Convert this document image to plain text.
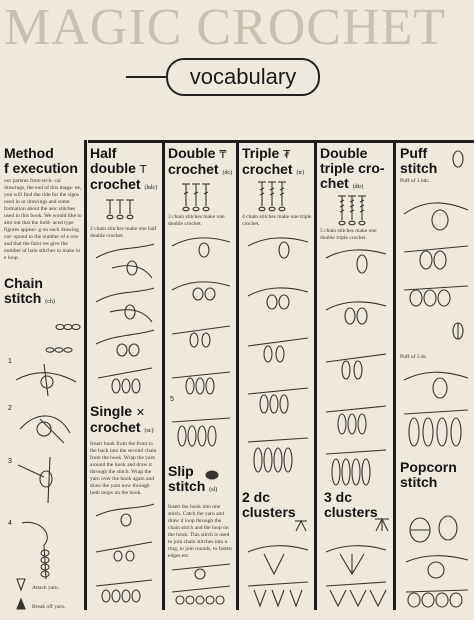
MAGIC CROCHET
vocabulary

Method
f execution

our parents from tech- cal drawings, the end of this maga- ne, you will find the ride for the signs used in ur drawings and some formation about the asic stitches used in this book. We would like to aint out that the bold- aced type figures appear- g on each drawing cor- spond to the number of e row and that the faint res give the number of hain stitches to make in e loop.

Chain stitch (ch)

1
2
3
4
Attach yarn.
Break off yarn.

Half
double T
crochet (hdc)

2 chain stitches make one half double crochet.

Single ✕
crochet (sc)

Insert hook from the front to the back into the second chain from the hook. Wrap the yarn around the hook and draw it through the stitch. Wrap the yarn over the hook again and draw the yarn now through both loops on the hook.

Double ₸
crochet (dc)

3 chain stitches make one double crochet.

5

Slip
stitch (sl)

Insert the hook into one stitch. Catch the yarn and draw it loop through the chain stitch and the loop on the hook. This stitch is used to join chain stitches into a ring, to join rounds, to fasten edges etc.

Triple ₮
crochet (tr)

4 chain stitches make one triple crochet.

2 dc
clusters

Double
triple cro-
chet (dtr)

5 chain stitches make one double triple crochet.

3 dc
clusters

Puff
stitch

Puff of 3 hdc.
Puff of 3 dc.

Popcorn
stitch
